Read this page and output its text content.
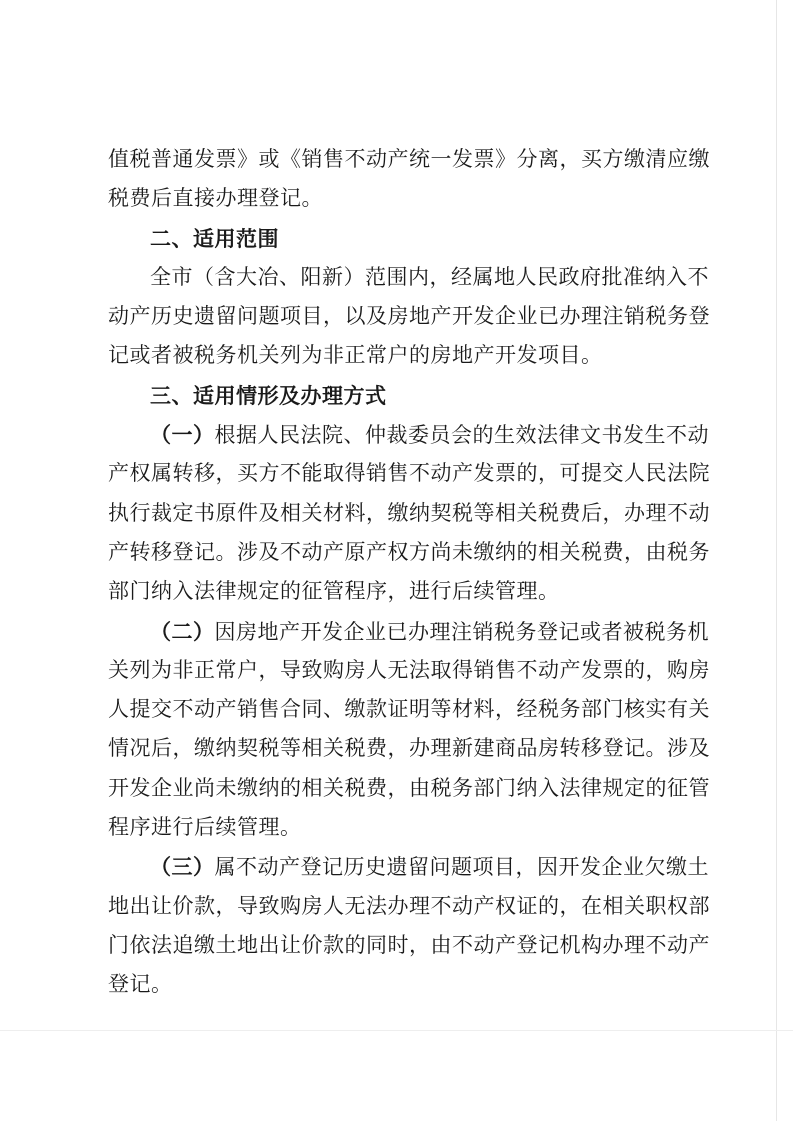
值税普通发票》或《销售不动产统一发票》分离，买方缴清应缴
税费后直接办理登记。
二、适用范围
全市（含大冶、阳新）范围内，经属地人民政府批准纳入不
动产历史遗留问题项目，以及房地产开发企业已办理注销税务登
记或者被税务机关列为非正常户的房地产开发项目。
三、适用情形及办理方式
（一）根据人民法院、仲裁委员会的生效法律文书发生不动
产权属转移，买方不能取得销售不动产发票的，可提交人民法院
执行裁定书原件及相关材料，缴纳契税等相关税费后，办理不动
产转移登记。涉及不动产原产权方尚未缴纳的相关税费，由税务
部门纳入法律规定的征管程序，进行后续管理。
（二）因房地产开发企业已办理注销税务登记或者被税务机
关列为非正常户，导致购房人无法取得销售不动产发票的，购房
人提交不动产销售合同、缴款证明等材料，经税务部门核实有关
情况后，缴纳契税等相关税费，办理新建商品房转移登记。涉及
开发企业尚未缴纳的相关税费，由税务部门纳入法律规定的征管
程序进行后续管理。
（三）属不动产登记历史遗留问题项目，因开发企业欠缴土
地出让价款，导致购房人无法办理不动产权证的，在相关职权部
门依法追缴土地出让价款的同时，由不动产登记机构办理不动产
登记。
